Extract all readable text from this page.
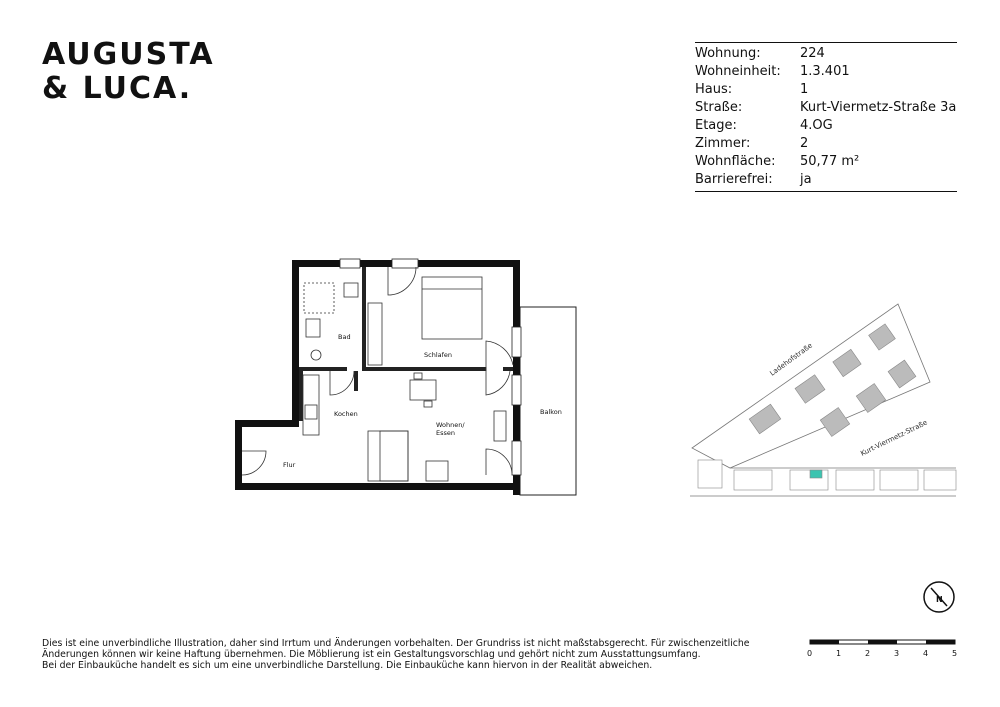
AUGUSTA
& LUCA.
Wohnung:	224
Wohneinheit:	1.3.401
Haus:	1
Straße:	Kurt-Viermetz-Straße 3a
Etage:	4.OG
Zimmer:	2
Wohnfläche:	50,77 m²
Barrierefrei:	ja
Bad
Schlafen
Kochen
Wohnen/
Essen
Balkon
Flur
Ladehofstraße
Kurt-Viermetz-Straße
N
0	1	2	3	4	5
Dies ist eine unverbindliche Illustration, daher sind Irrtum und Änderungen vorbehalten. Der Grundriss ist nicht maßstabsgerecht. Für zwischenzeitliche
Änderungen können wir keine Haftung übernehmen. Die Möblierung ist ein Gestaltungsvorschlag und gehört nicht zum Ausstattungsumfang.
Bei der Einbauküche handelt es sich um eine unverbindliche Darstellung. Die Einbauküche kann hiervon in der Realität abweichen.
